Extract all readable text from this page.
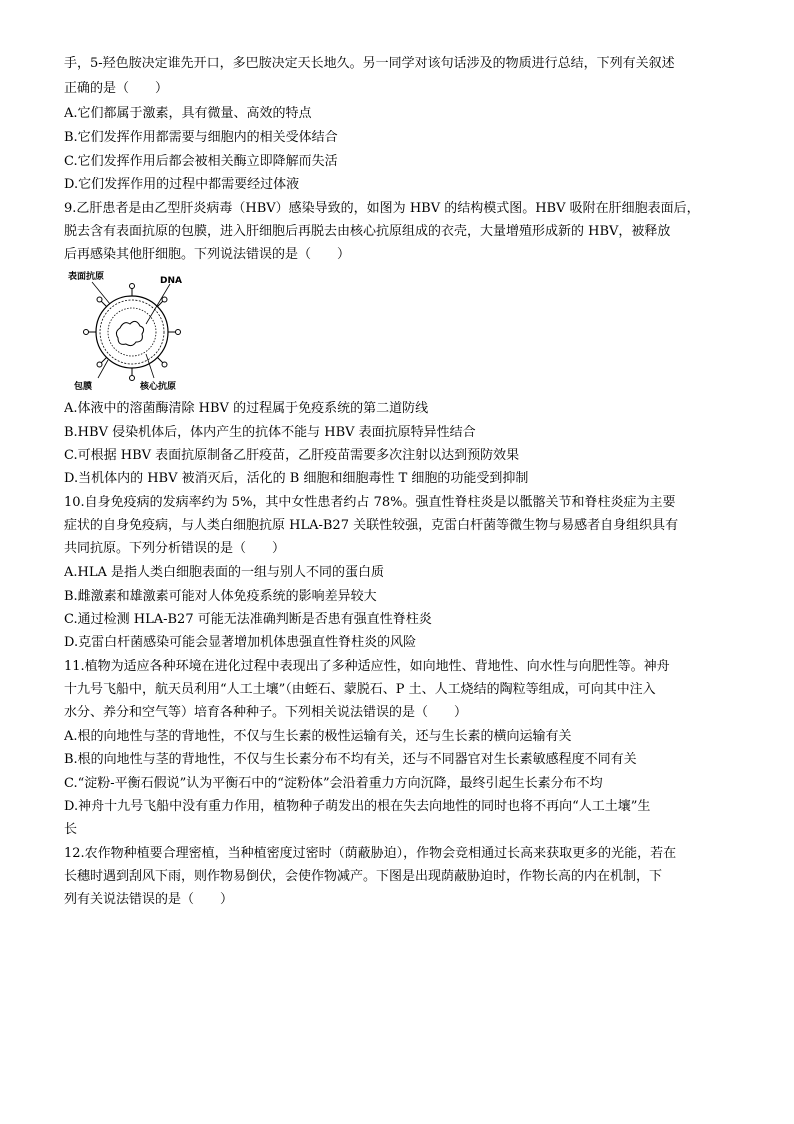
手，5-羟色胺决定谁先开口，多巴胺决定天长地久。另一同学对该句话涉及的物质进行总结，下列有关叙述
正确的是（　　）
A.它们都属于激素，具有微量、高效的特点
B.它们发挥作用都需要与细胞内的相关受体结合
C.它们发挥作用后都会被相关酶立即降解而失活
D.它们发挥作用的过程中都需要经过体液
9.乙肝患者是由乙型肝炎病毒（HBV）感染导致的，如图为 HBV 的结构模式图。HBV 吸附在肝细胞表面后，
脱去含有表面抗原的包膜，进入肝细胞后再脱去由核心抗原组成的衣壳，大量增殖形成新的 HBV，被释放
后再感染其他肝细胞。下列说法错误的是（　　）
表面抗原	DNA
包膜	核心抗原
A.体液中的溶菌酶清除 HBV 的过程属于免疫系统的第二道防线
B.HBV 侵染机体后，体内产生的抗体不能与 HBV 表面抗原特异性结合
C.可根据 HBV 表面抗原制备乙肝疫苗，乙肝疫苗需要多次注射以达到预防效果
D.当机体内的 HBV 被消灭后，活化的 B 细胞和细胞毒性 T 细胞的功能受到抑制
10.自身免疫病的发病率约为 5%，其中女性患者约占 78%。强直性脊柱炎是以骶髂关节和脊柱炎症为主要
症状的自身免疫病，与人类白细胞抗原 HLA-B27 关联性较强，克雷白杆菌等微生物与易感者自身组织具有
共同抗原。下列分析错误的是（　　）
A.HLA 是指人类白细胞表面的一组与别人不同的蛋白质
B.雌激素和雄激素可能对人体免疫系统的影响差异较大
C.通过检测 HLA-B27 可能无法准确判断是否患有强直性脊柱炎
D.克雷白杆菌感染可能会显著增加机体患强直性脊柱炎的风险
11.植物为适应各种环境在进化过程中表现出了多种适应性，如向地性、背地性、向水性与向肥性等。神舟
十九号飞船中，航天员利用“人工土壤”（由蛭石、蒙脱石、P 土、人工烧结的陶粒等组成，可向其中注入
水分、养分和空气等）培育各种种子。下列相关说法错误的是（　　）
A.根的向地性与茎的背地性，不仅与生长素的极性运输有关，还与生长素的横向运输有关
B.根的向地性与茎的背地性，不仅与生长素分布不均有关，还与不同器官对生长素敏感程度不同有关
C.“淀粉-平衡石假说”认为平衡石中的“淀粉体”会沿着重力方向沉降，最终引起生长素分布不均
D.神舟十九号飞船中没有重力作用，植物种子萌发出的根在失去向地性的同时也将不再向“人工土壤”生
长
12.农作物种植要合理密植，当种植密度过密时（荫蔽胁迫），作物会竞相通过长高来获取更多的光能，若在
长穗时遇到刮风下雨，则作物易倒伏，会使作物减产。下图是出现荫蔽胁迫时，作物长高的内在机制，下
列有关说法错误的是（　　）
